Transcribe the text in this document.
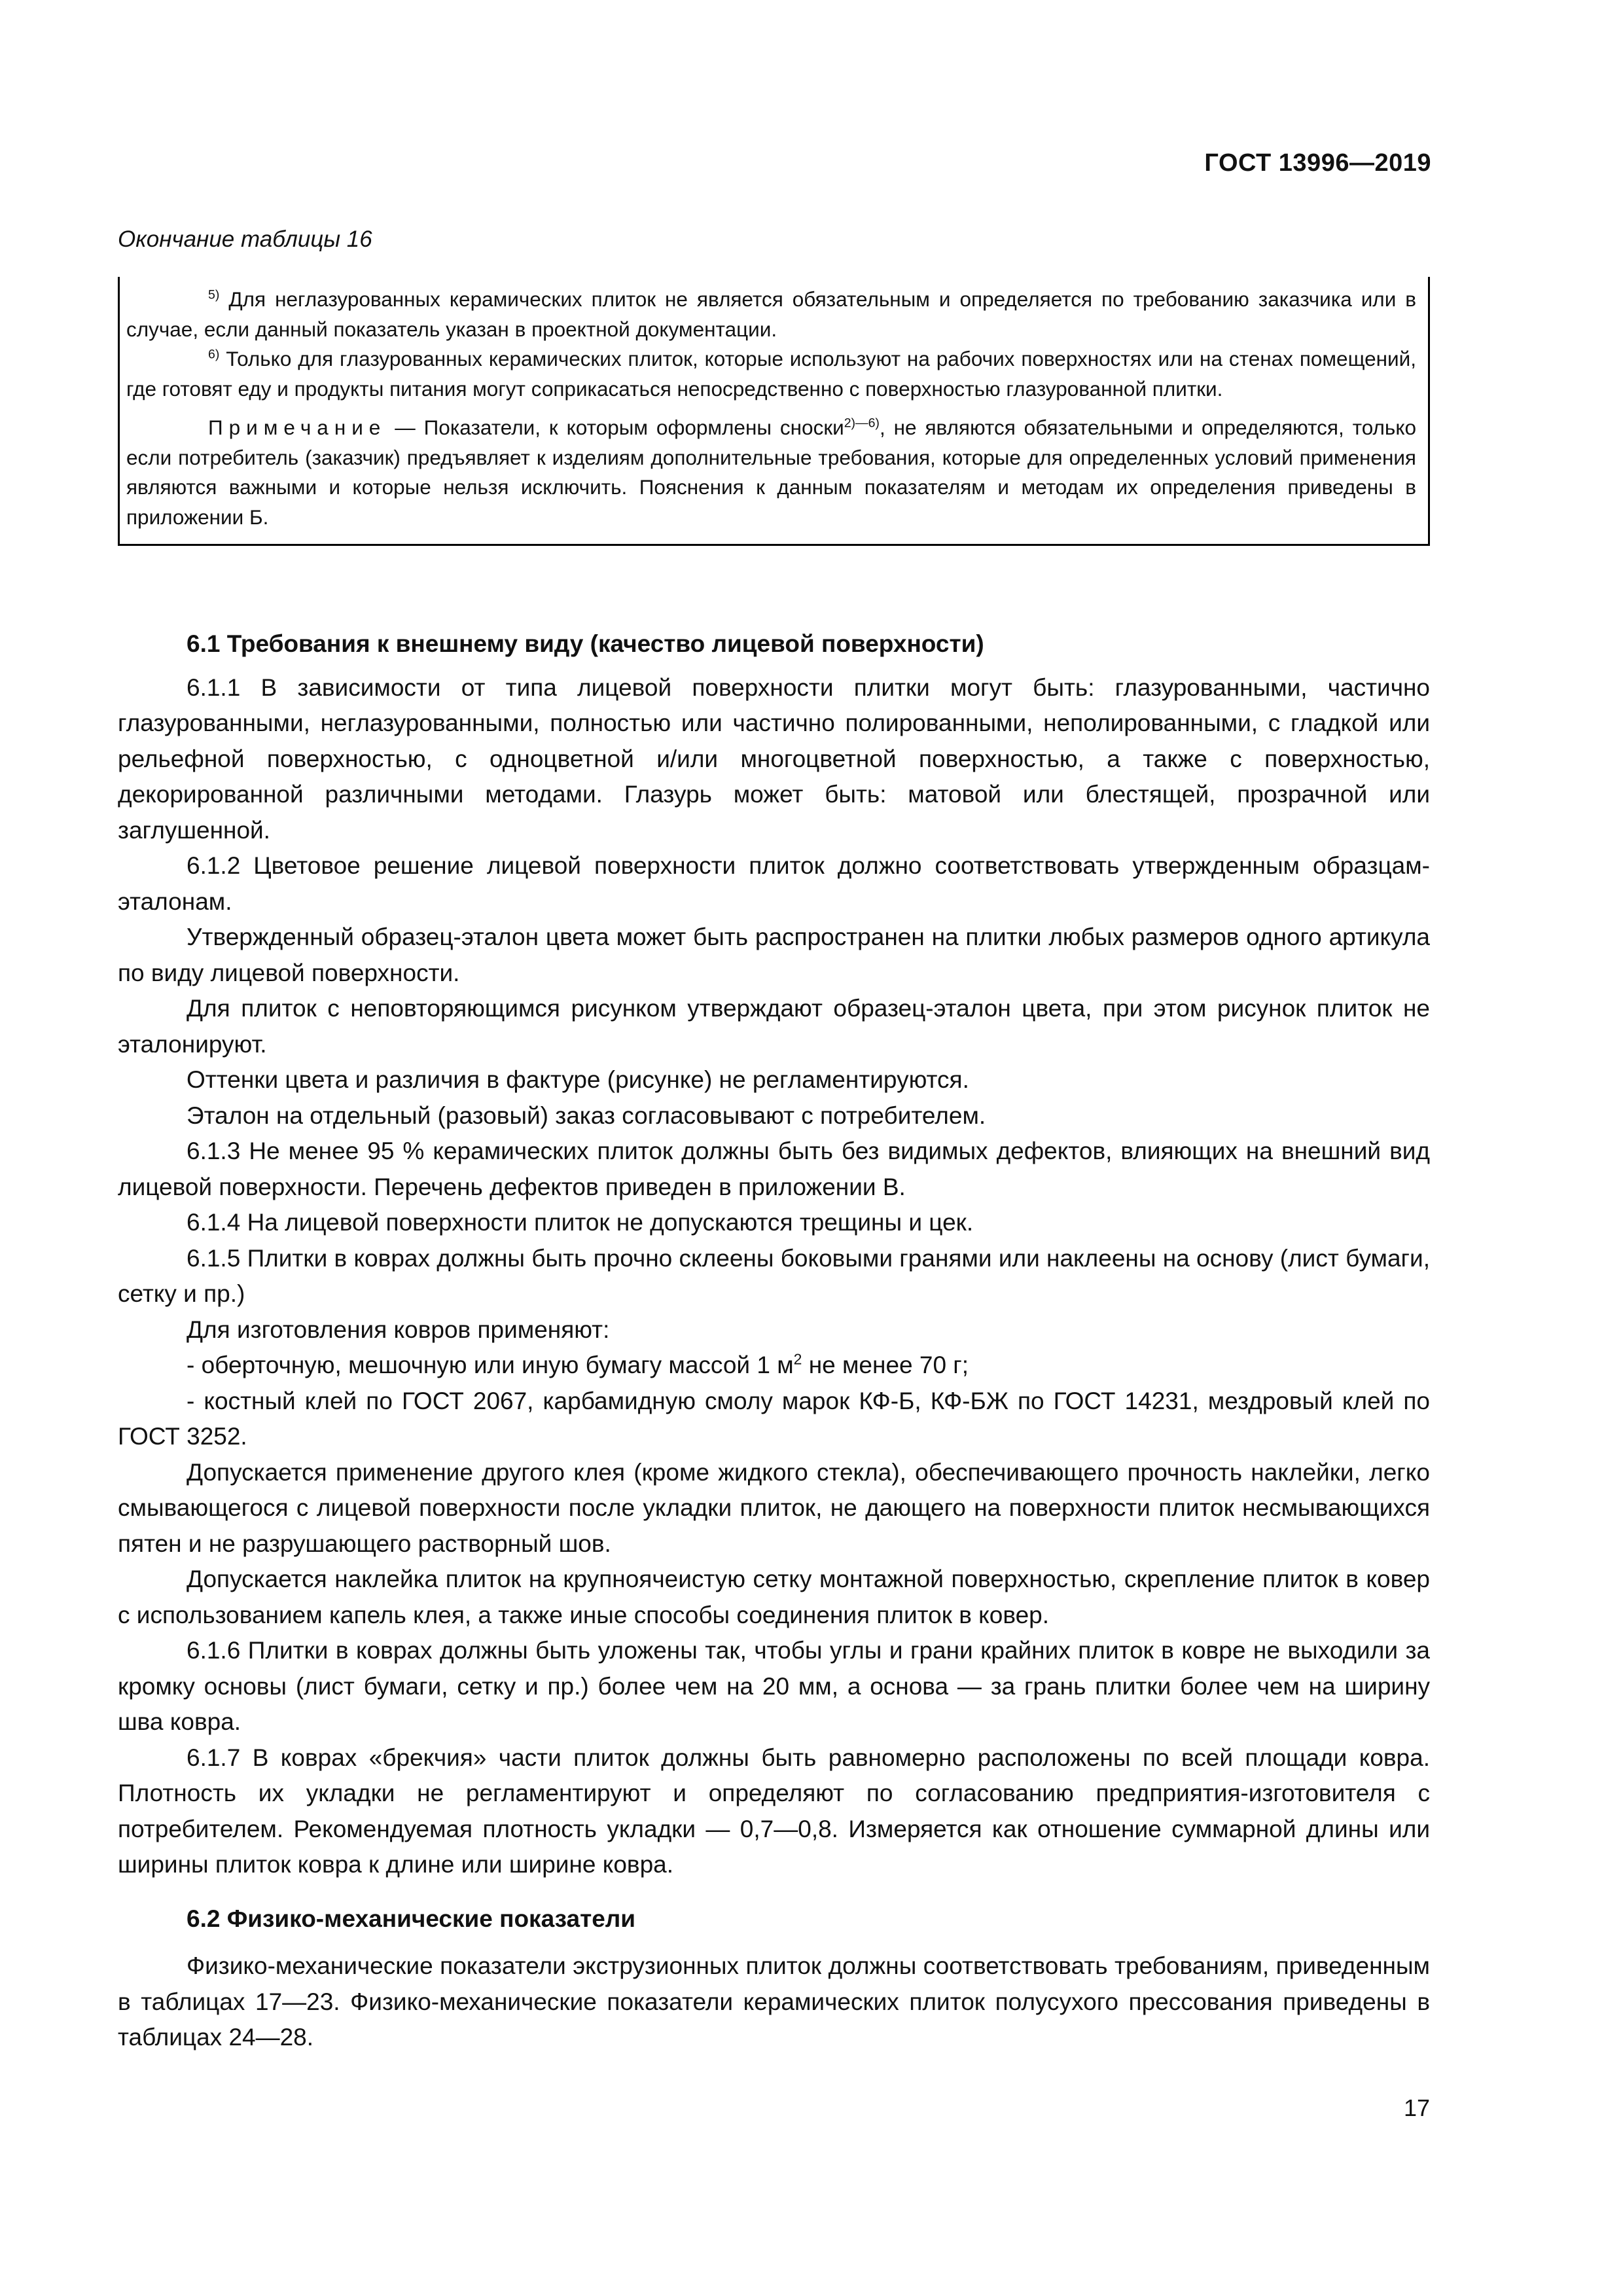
ГОСТ 13996—2019
Окончание таблицы 16

$^{5)}$ Для неглазурованных керамических плиток не является обязательным и определяется по требованию заказчика или в случае, если данный показатель указан в проектной документации.

$^{6)}$ Только для глазурованных керамических плиток, которые используют на рабочих поверхностях или на стенах помещений, где готовят еду и продукты питания могут соприкасаться непосредственно с поверхностью глазурованной плитки.

Примечание — Показатели, к которым оформлены сноски$^{2)—6)}$, не являются обязательными и определяются, только если потребитель (заказчик) предъявляет к изделиям дополнительные требования, которые для определенных условий применения являются важными и которые нельзя исключить. Пояснения к данным показателям и методам их определения приведены в приложении Б.

6.1 Требования к внешнему виду (качество лицевой поверхности)

6.1.1 В зависимости от типа лицевой поверхности плитки могут быть: глазурованными, частично глазурованными, неглазурованными, полностью или частично полированными, неполированными, с гладкой или рельефной поверхностью, с одноцветной и/или многоцветной поверхностью, а также с поверхностью, декорированной различными методами. Глазурь может быть: матовой или блестящей, прозрачной или заглушенной.

6.1.2 Цветовое решение лицевой поверхности плиток должно соответствовать утвержденным образцам-эталонам.

Утвержденный образец-эталон цвета может быть распространен на плитки любых размеров одного артикула по виду лицевой поверхности.

Для плиток с неповторяющимся рисунком утверждают образец-эталон цвета, при этом рисунок плиток не эталонируют.

Оттенки цвета и различия в фактуре (рисунке) не регламентируются.

Эталон на отдельный (разовый) заказ согласовывают с потребителем.

6.1.3 Не менее 95 % керамических плиток должны быть без видимых дефектов, влияющих на внешний вид лицевой поверхности. Перечень дефектов приведен в приложении В.

6.1.4 На лицевой поверхности плиток не допускаются трещины и цек.

6.1.5 Плитки в коврах должны быть прочно склеены боковыми гранями или наклеены на основу (лист бумаги, сетку и пр.)

Для изготовления ковров применяют:

- оберточную, мешочную или иную бумагу массой 1 $м^2$ не менее 70 г;

- костный клей по ГОСТ 2067, карбамидную смолу марок КФ-Б, КФ-БЖ по ГОСТ 14231, мездровый клей по ГОСТ 3252.

Допускается применение другого клея (кроме жидкого стекла), обеспечивающего прочность наклейки, легко смывающегося с лицевой поверхности после укладки плиток, не дающего на поверхности плиток несмывающихся пятен и не разрушающего растворный шов.

Допускается наклейка плиток на крупноячеистую сетку монтажной поверхностью, скрепление плиток в ковер с использованием капель клея, а также иные способы соединения плиток в ковер.

6.1.6 Плитки в коврах должны быть уложены так, чтобы углы и грани крайних плиток в ковре не выходили за кромку основы (лист бумаги, сетку и пр.) более чем на 20 мм, а основа — за грань плитки более чем на ширину шва ковра.

6.1.7 В коврах «брекчия» части плиток должны быть равномерно расположены по всей площади ковра. Плотность их укладки не регламентируют и определяют по согласованию предприятия-изготовителя с потребителем. Рекомендуемая плотность укладки — 0,7—0,8. Измеряется как отношение суммарной длины или ширины плиток ковра к длине или ширине ковра.

6.2 Физико-механические показатели

Физико-механические показатели экструзионных плиток должны соответствовать требованиям, приведенным в таблицах 17—23. Физико-механические показатели керамических плиток полусухого прессования приведены в таблицах 24—28.

17
